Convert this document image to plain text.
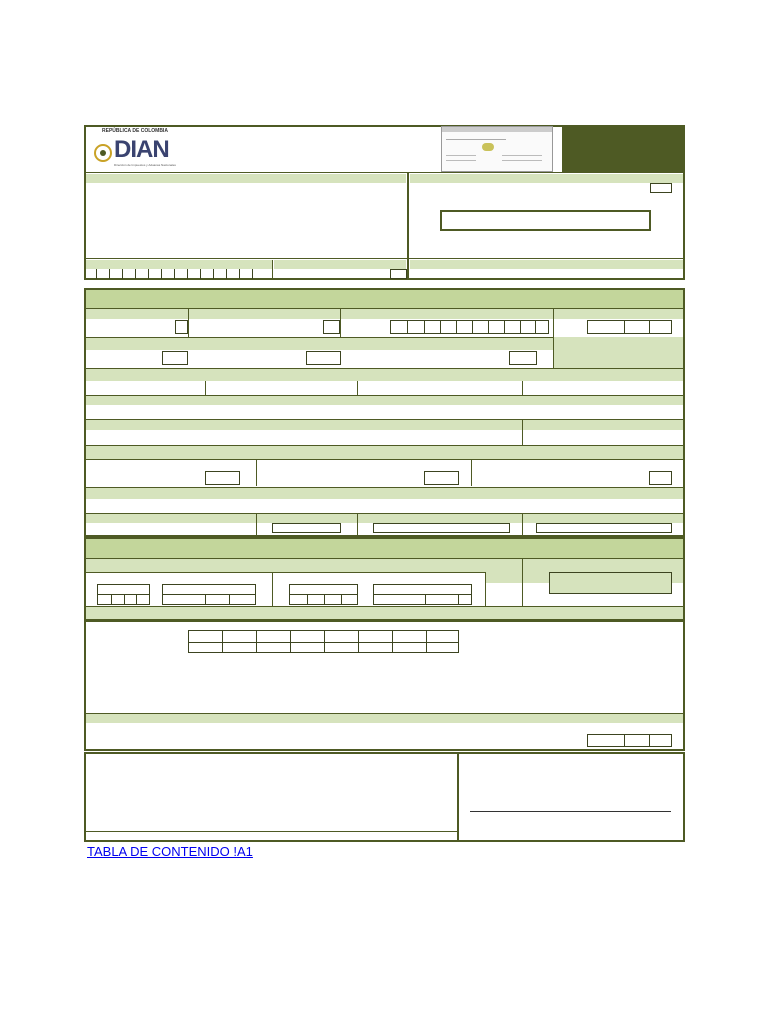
REPÚBLICA DE COLOMBIA
DIAN
Dirección de Impuestos y Aduanas Nacionales
TABLA DE CONTENIDO !A1
